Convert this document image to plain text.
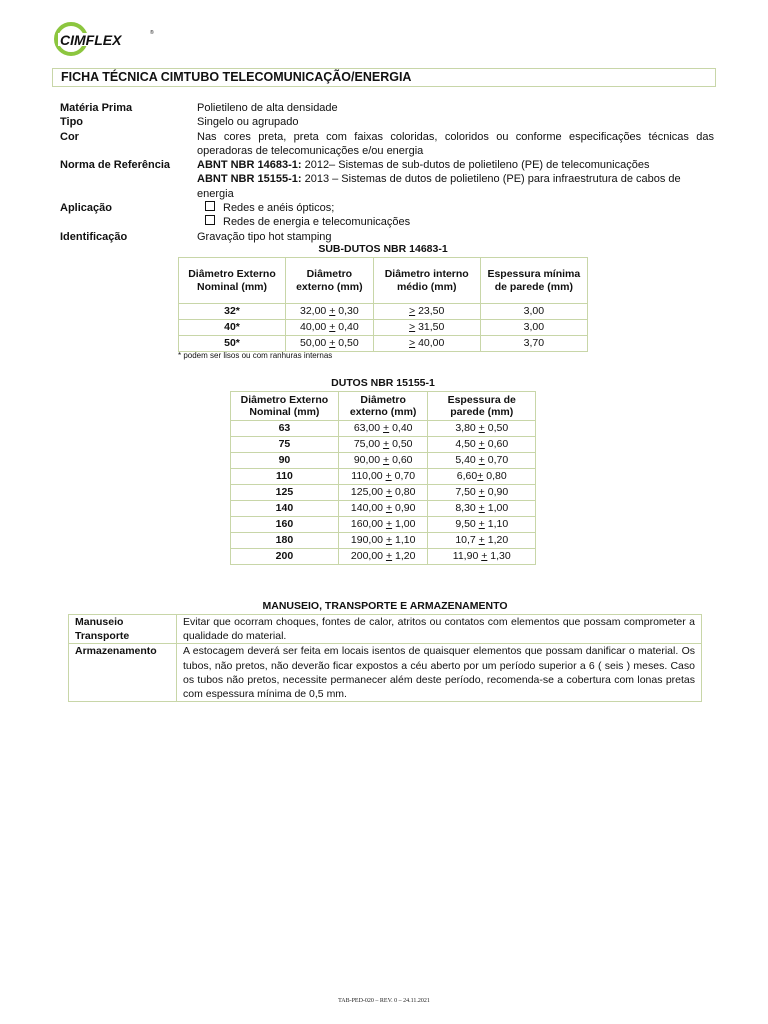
CIMFLEX	®
FICHA TÉCNICA CIMTUBO TELECOMUNICAÇÃO/ENERGIA
Matéria Prima	Polietileno de alta densidade
Tipo	Singelo ou agrupado
Cor	Nas cores preta, preta com faixas coloridas, coloridos ou conforme especificações técnicas das operadoras de telecomunicações e/ou energia
Norma de Referência	ABNT NBR 14683-1: 2012– Sistemas de sub-dutos de polietileno (PE) de telecomunicações
ABNT NBR 15155-1: 2013 – Sistemas de dutos de polietileno (PE) para infraestrutura de cabos de energia
Aplicação	Redes e anéis ópticos;
Redes de energia e telecomunicações
Identificação	Gravação tipo hot stamping
SUB-DUTOS NBR 14683-1
Diâmetro Externo Nominal (mm)	Diâmetro externo (mm)	Diâmetro interno médio (mm)	Espessura mínima de parede (mm)
32*	32,00 + 0,30	> 23,50	3,00
40*	40,00 + 0,40	> 31,50	3,00
50*	50,00 + 0,50	> 40,00	3,70
* podem ser lisos ou com ranhuras internas
DUTOS NBR 15155-1
Diâmetro Externo Nominal (mm)	Diâmetro externo (mm)	Espessura de parede (mm)
63	63,00 + 0,40	3,80 + 0,50
75	75,00 + 0,50	4,50 + 0,60
90	90,00 + 0,60	5,40 + 0,70
110	110,00 + 0,70	6,60+ 0,80
125	125,00 + 0,80	7,50 + 0,90
140	140,00 + 0,90	8,30 + 1,00
160	160,00 + 1,00	9,50 + 1,10
180	190,00 + 1,10	10,7 + 1,20
200	200,00 + 1,20	11,90 + 1,30
MANUSEIO, TRANSPORTE E ARMAZENAMENTO
Manuseio Transporte	Evitar que ocorram choques, fontes de calor, atritos ou contatos com elementos que possam comprometer a qualidade do material.
Armazenamento	A estocagem deverá ser feita em locais isentos de quaisquer elementos que possam danificar o material. Os tubos, não pretos, não deverão ficar expostos a céu aberto por um período superior a 6 ( seis ) meses. Caso os tubos não pretos, necessite permanecer além deste período, recomenda-se a cobertura com lonas pretas com espessura mínima de 0,5 mm.
TAB-PED-020 – REV. 0 – 24.11.2021
